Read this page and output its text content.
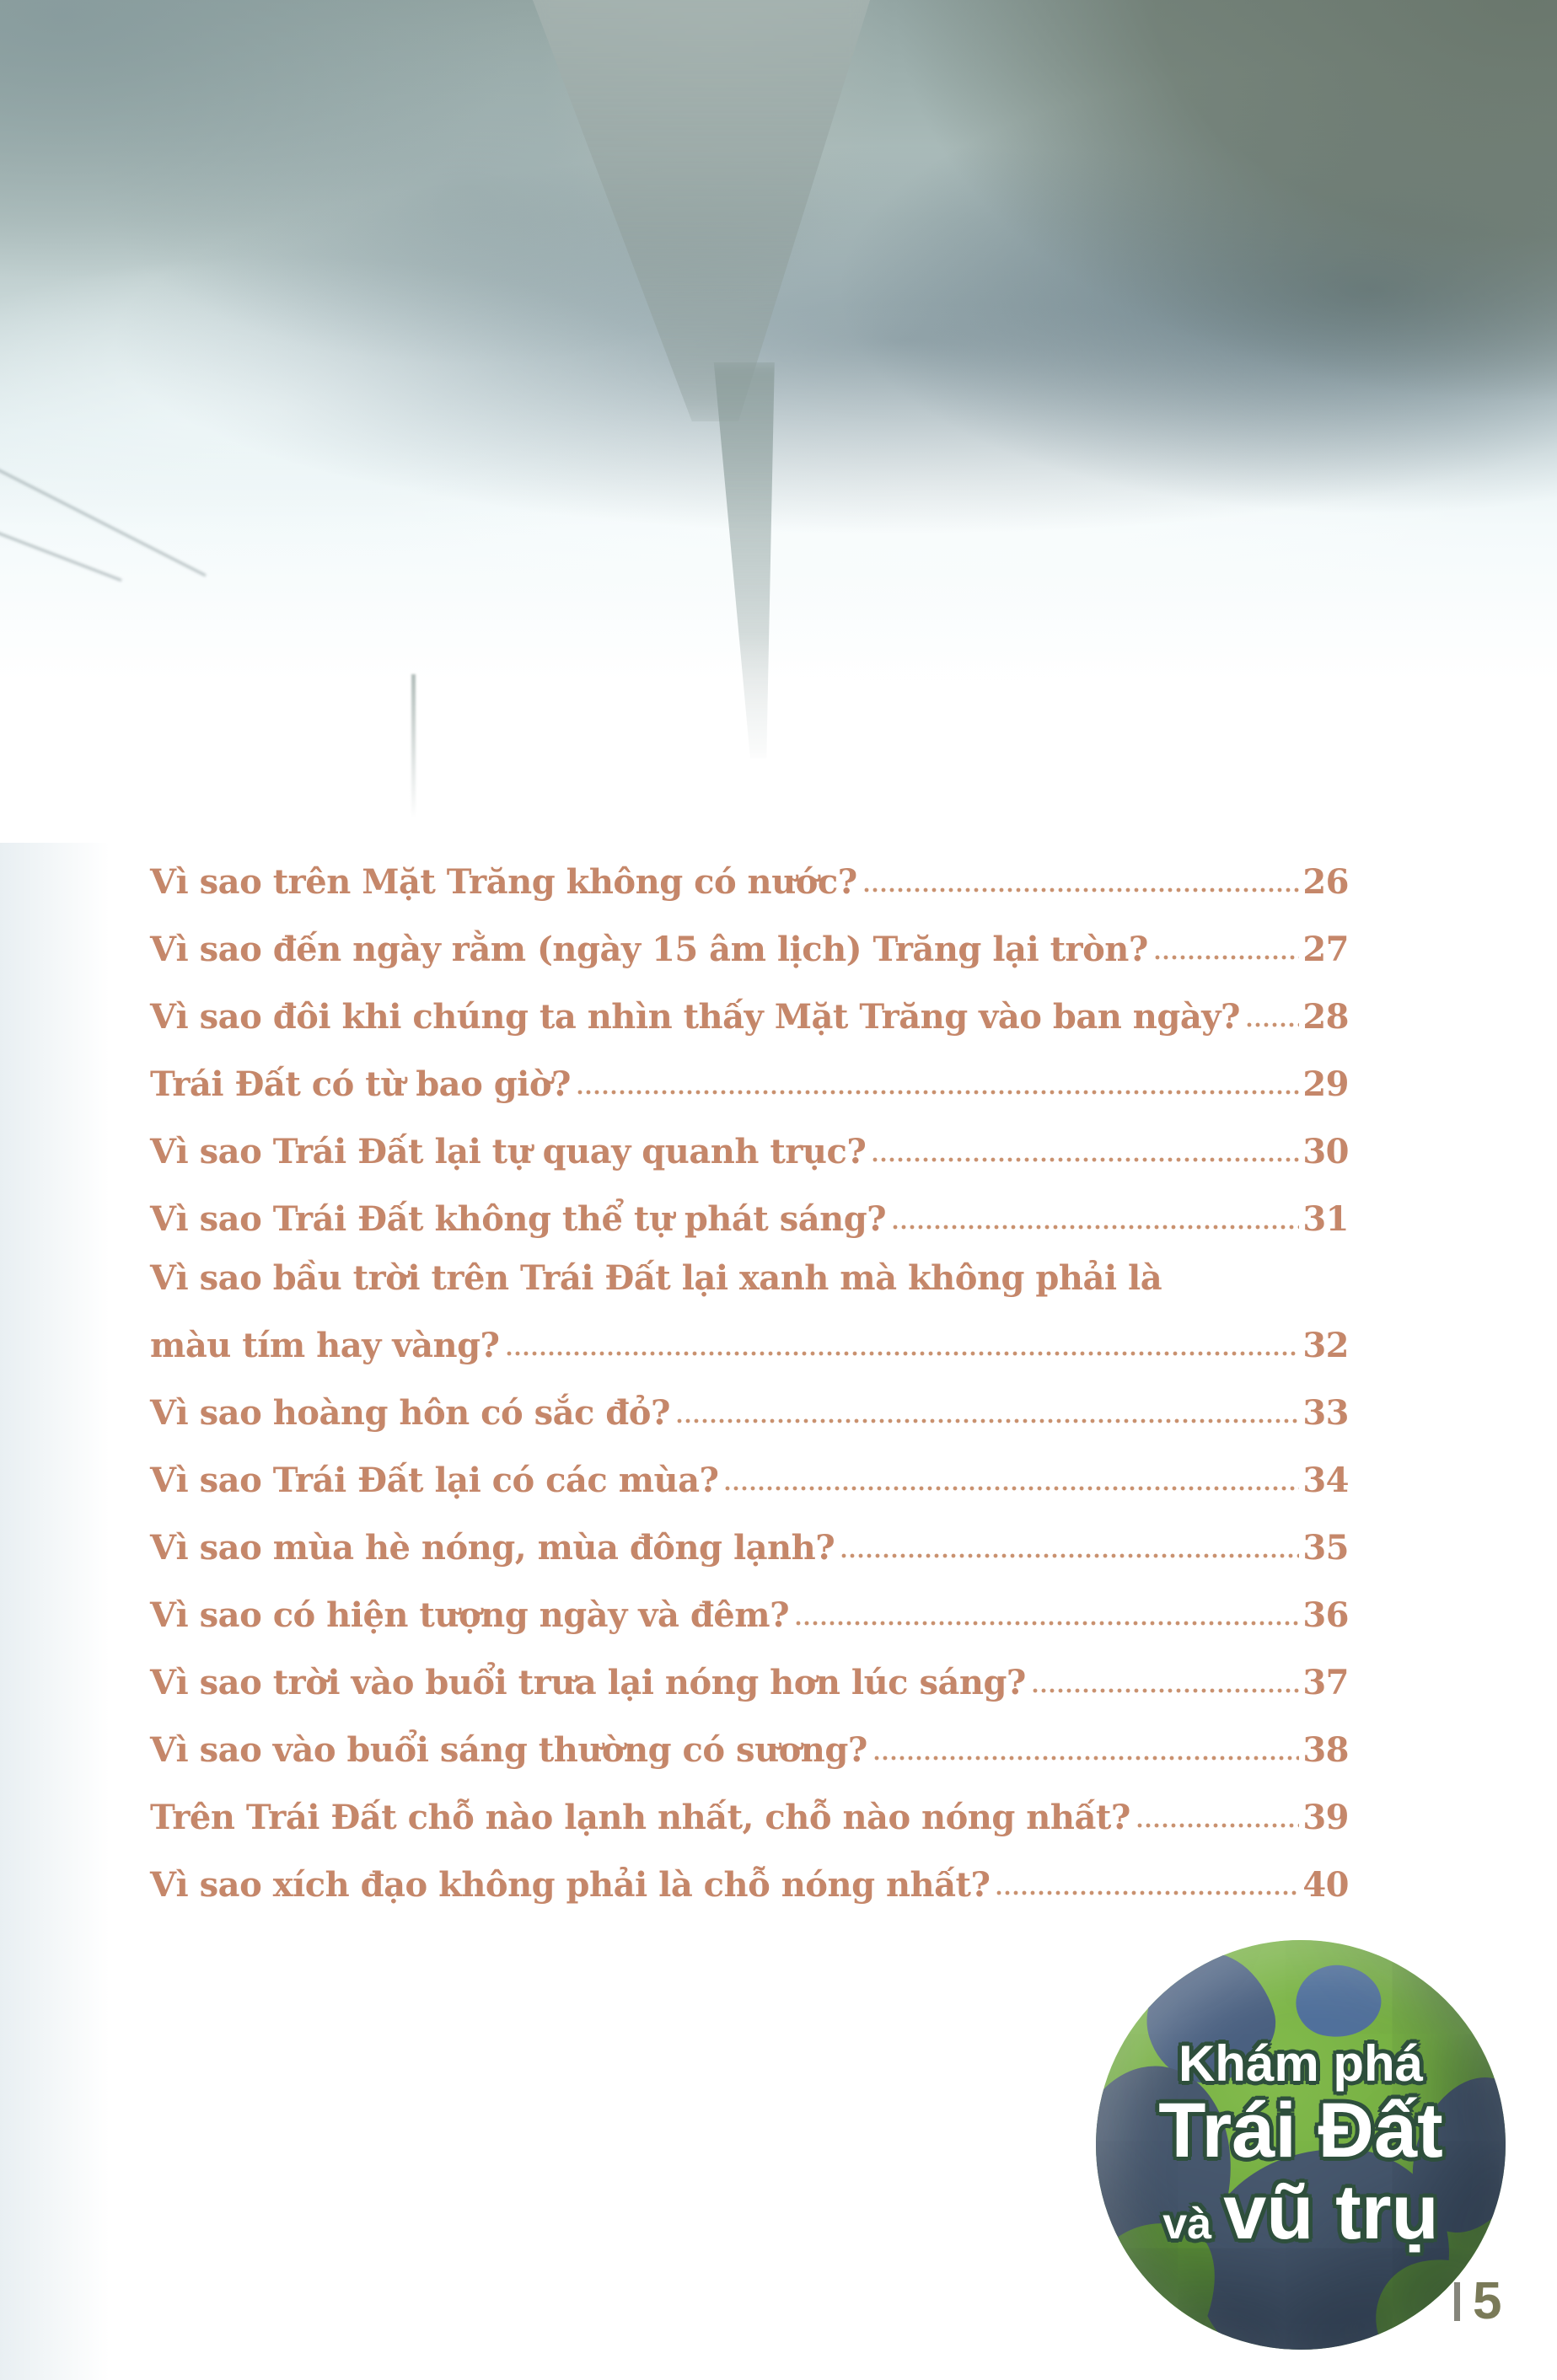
Vì sao trên Mặt Trăng không có nước?	26
Vì sao đến ngày rằm (ngày 15 âm lịch) Trăng lại tròn?	27
Vì sao đôi khi chúng ta nhìn thấy Mặt Trăng vào ban ngày? 28
Trái Đất có từ bao giờ?	29
Vì sao Trái Đất lại tự quay quanh trục?	30
Vì sao Trái Đất không thể tự phát sáng?	31
Vì sao bầu trời trên Trái Đất lại xanh mà không phải là
màu tím hay vàng?	32
Vì sao hoàng hôn có sắc đỏ?	33
Vì sao Trái Đất lại có các mùa?	34
Vì sao mùa hè nóng, mùa đông lạnh?	35
Vì sao có hiện tượng ngày và đêm?	36
Vì sao trời vào buổi trưa lại nóng hơn lúc sáng?	37
Vì sao vào buổi sáng thường có sương?	38
Trên Trái Đất chỗ nào lạnh nhất, chỗ nào nóng nhất?	39
Vì sao xích đạo không phải là chỗ nóng nhất?	40
Khám phá
Trái Đất
và vũ trụ
5
